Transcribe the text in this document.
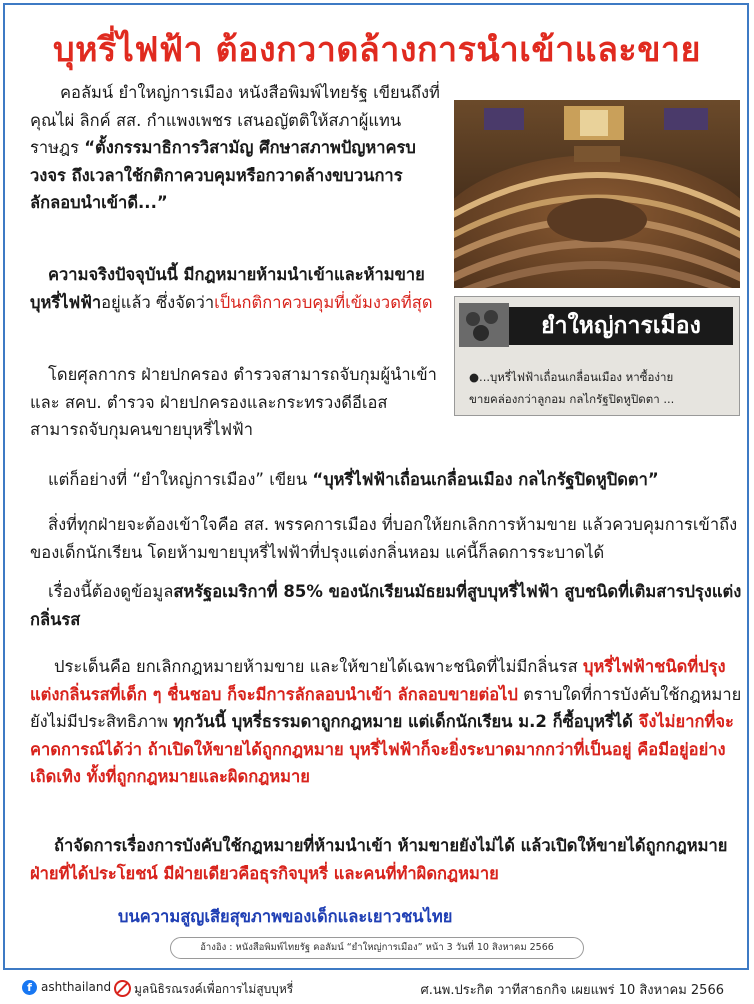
บุหรี่ไฟฟ้า ต้องกวาดล้างการนำเข้าและขาย
ยำใหญ่การเมือง
●...บุหรี่ไฟฟ้าเถื่อนเกลื่อนเมือง หาซื้อง่าย
ขายคล่องกว่าลูกอม กลไกรัฐปิดหูปิดตา ...

คอลัมน์ ยำใหญ่การเมือง หนังสือพิมพ์ไทยรัฐ เขียนถึงที่คุณไผ่ ลิกค์ สส. กำแพงเพชร เสนอญัตติให้สภาผู้แทนราษฎร “ตั้งกรรมาธิการวิสามัญ ศึกษาสภาพปัญหาครบวงจร ถึงเวลาใช้กติกาควบคุมหรือกวาดล้างขบวนการลักลอบนำเข้าดี...”

ความจริงปัจจุบันนี้ มีกฎหมายห้ามนำเข้าและห้ามขายบุหรี่ไฟฟ้าอยู่แล้ว ซึ่งจัดว่าเป็นกติกาควบคุมที่เข้มงวดที่สุด

โดยศุลกากร ฝ่ายปกครอง ตำรวจสามารถจับกุมผู้นำเข้า และ สคบ. ตำรวจ ฝ่ายปกครองและกระทรวงดีอีเอส สามารถจับกุมคนขายบุหรี่ไฟฟ้า

แต่ก็อย่างที่ “ยำใหญ่การเมือง” เขียน “บุหรี่ไฟฟ้าเถื่อนเกลื่อนเมือง กลไกรัฐปิดหูปิดตา”

สิ่งที่ทุกฝ่ายจะต้องเข้าใจคือ สส. พรรคการเมือง ที่บอกให้ยกเลิกการห้ามขาย แล้วควบคุมการเข้าถึงของเด็กนักเรียน โดยห้ามขายบุหรี่ไฟฟ้าที่ปรุงแต่งกลิ่นหอม แค่นี้ก็ลดการระบาดได้

เรื่องนี้ต้องดูข้อมูลสหรัฐอเมริกาที่ 85% ของนักเรียนมัธยมที่สูบบุหรี่ไฟฟ้า สูบชนิดที่เติมสารปรุงแต่งกลิ่นรส

ประเด็นคือ ยกเลิกกฎหมายห้ามขาย และให้ขายได้เฉพาะชนิดที่ไม่มีกลิ่นรส บุหรี่ไฟฟ้าชนิดที่ปรุงแต่งกลิ่นรสที่เด็ก ๆ ชื่นชอบ ก็จะมีการลักลอบนำเข้า ลักลอบขายต่อไป ตราบใดที่การบังคับใช้กฎหมายยังไม่มีประสิทธิภาพ ทุกวันนี้ บุหรี่ธรรมดาถูกกฎหมาย แต่เด็กนักเรียน ม.2 ก็ซื้อบุหรี่ได้ จึงไม่ยากที่จะคาดการณ์ได้ว่า ถ้าเปิดให้ขายได้ถูกกฎหมาย บุหรี่ไฟฟ้าก็จะยิ่งระบาดมากกว่าที่เป็นอยู่ คือมีอยู่อย่างเถิดเทิง ทั้งที่ถูกกฎหมายและผิดกฎหมาย

ถ้าจัดการเรื่องการบังคับใช้กฎหมายที่ห้ามนำเข้า ห้ามขายยังไม่ได้ แล้วเปิดให้ขายได้ถูกกฎหมาย ฝ่ายที่ได้ประโยชน์ มีฝ่ายเดียวคือธุรกิจบุหรี่ และคนที่ทำผิดกฎหมาย

บนความสูญเสียสุขภาพของเด็กและเยาวชนไทย

อ้างอิง : หนังสือพิมพ์ไทยรัฐ คอลัมน์ “ยำใหญ่การเมือง” หน้า 3 วันที่ 10 สิงหาคม 2566
f ashthailand มูลนิธิรณรงค์เพื่อการไม่สูบบุหรี่	ศ.นพ.ประกิต วาทีสาธกกิจ เผยแพร่ 10 สิงหาคม 2566
